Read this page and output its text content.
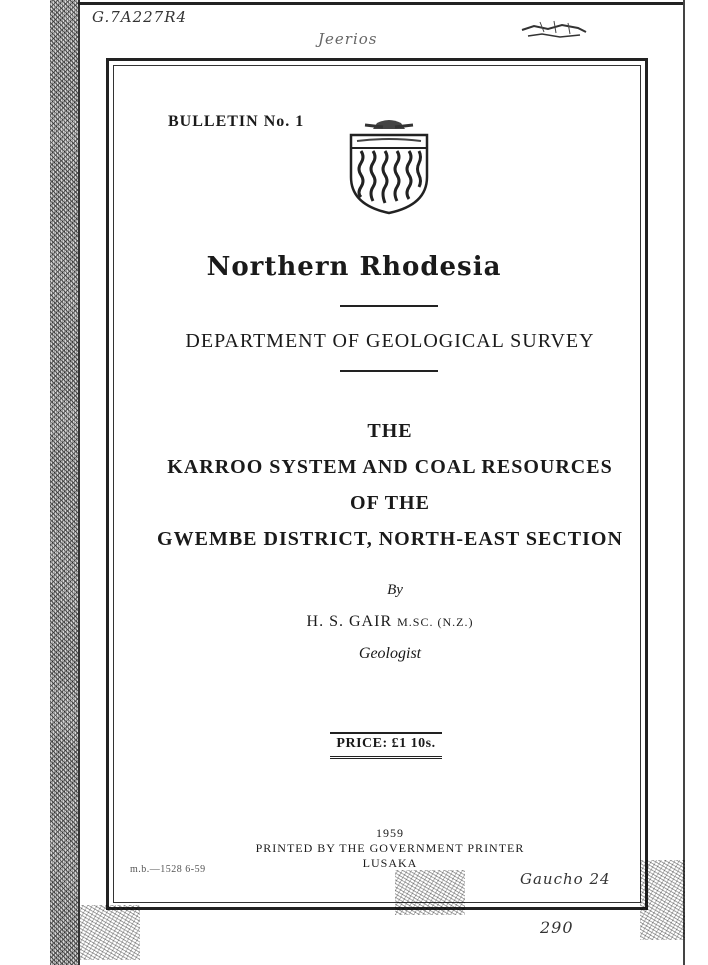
G.7A227R4
Jeerios
BULLETIN No. 1
Northern Rhodesia
DEPARTMENT OF GEOLOGICAL SURVEY
THE
KARROO SYSTEM AND COAL RESOURCES
OF THE
GWEMBE DISTRICT, NORTH-EAST SECTION
By
H. S. GAIR M.SC. (N.Z.)
Geologist
PRICE: £1 10s.
1959
PRINTED BY THE GOVERNMENT PRINTER
LUSAKA
m.b.—1528 6-59
Gaucho 24
290
